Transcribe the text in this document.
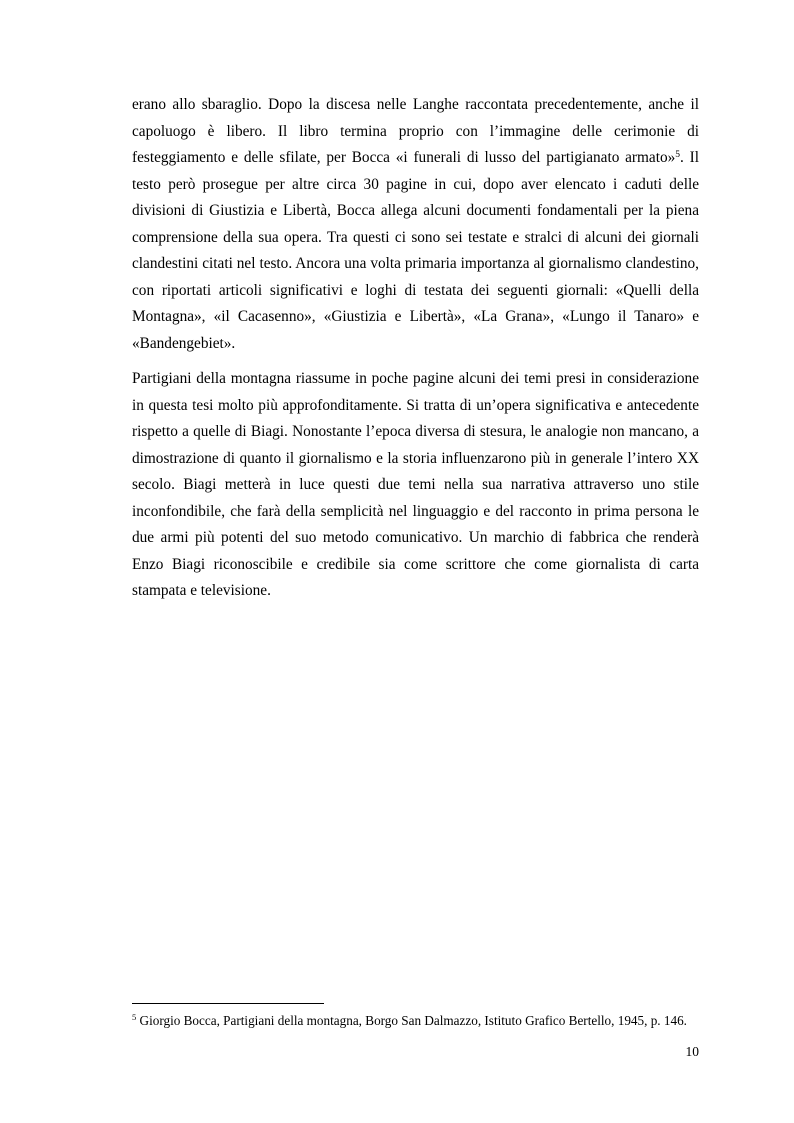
erano allo sbaraglio. Dopo la discesa nelle Langhe raccontata precedentemente, anche il capoluogo è libero. Il libro termina proprio con l’immagine delle cerimonie di festeggiamento e delle sfilate, per Bocca «i funerali di lusso del partigianato armato»$^5$. Il testo però prosegue per altre circa 30 pagine in cui, dopo aver elencato i caduti delle divisioni di Giustizia e Libertà, Bocca allega alcuni documenti fondamentali per la piena comprensione della sua opera. Tra questi ci sono sei testate e stralci di alcuni dei giornali clandestini citati nel testo. Ancora una volta primaria importanza al giornalismo clandestino, con riportati articoli significativi e loghi di testata dei seguenti giornali: «Quelli della Montagna», «il Cacasenno», «Giustizia e Libertà», «La Grana», «Lungo il Tanaro» e «Bandengebiet».

Partigiani della montagna riassume in poche pagine alcuni dei temi presi in considerazione in questa tesi molto più approfonditamente. Si tratta di un’opera significativa e antecedente rispetto a quelle di Biagi. Nonostante l’epoca diversa di stesura, le analogie non mancano, a dimostrazione di quanto il giornalismo e la storia influenzarono più in generale l’intero XX secolo. Biagi metterà in luce questi due temi nella sua narrativa attraverso uno stile inconfondibile, che farà della semplicità nel linguaggio e del racconto in prima persona le due armi più potenti del suo metodo comunicativo. Un marchio di fabbrica che renderà Enzo Biagi riconoscibile e credibile sia come scrittore che come giornalista di carta stampata e televisione.

$^5$ Giorgio Bocca, Partigiani della montagna, Borgo San Dalmazzo, Istituto Grafico Bertello, 1945, p. 146.

10
